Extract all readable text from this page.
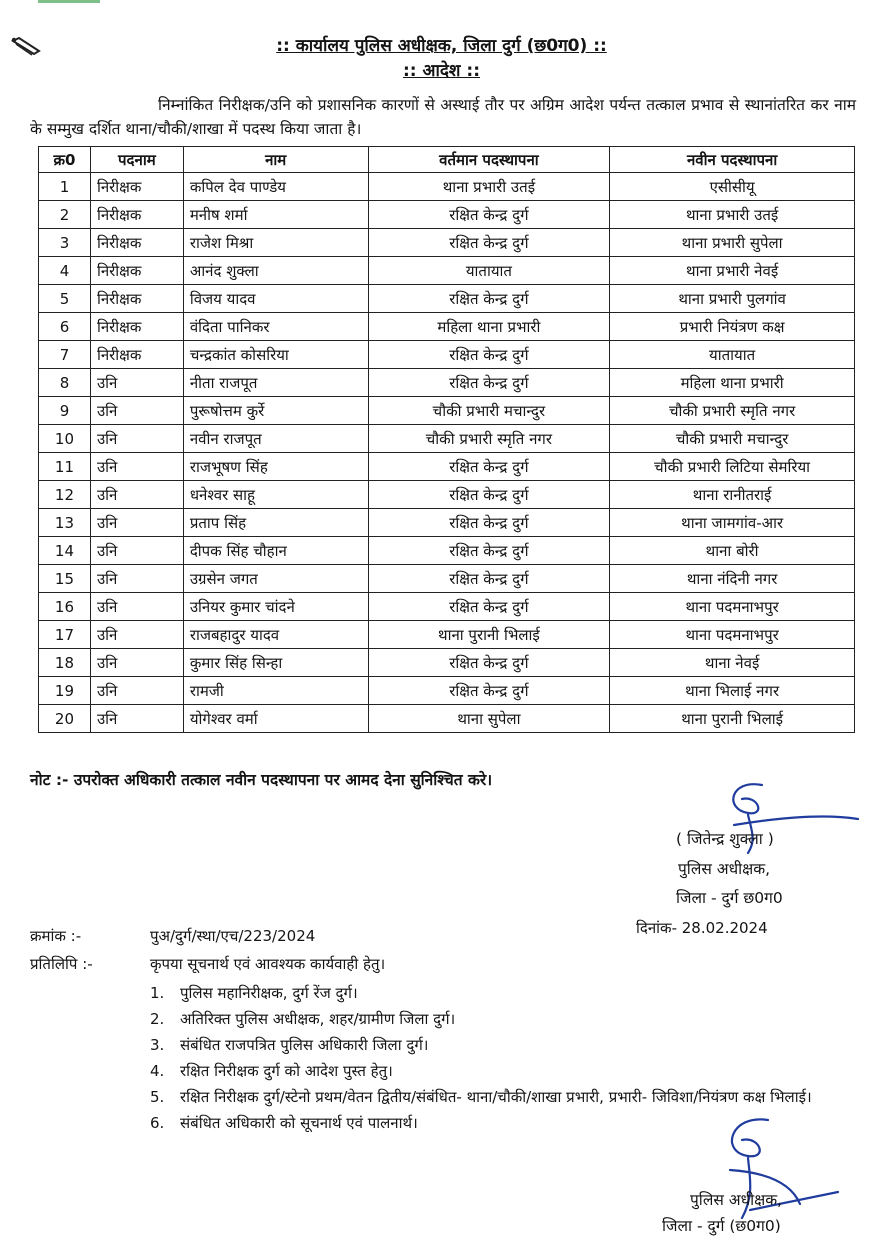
:: कार्यालय पुलिस अधीक्षक, जिला दुर्ग (छ0ग0) ::
:: आदेश ::
निम्नांकित निरीक्षक/उनि को प्रशासनिक कारणों से अस्थाई तौर पर अग्रिम आदेश पर्यन्त तत्काल प्रभाव से स्थानांतरित कर नाम के सम्मुख दर्शित थाना/चौकी/शाखा में पदस्थ किया जाता है।
क्र0	पदनाम	नाम	वर्तमान पदस्थापना	नवीन पदस्थापना
1	निरीक्षक	कपिल देव पाण्डेय	थाना प्रभारी उतई	एसीसीयू
2	निरीक्षक	मनीष शर्मा	रक्षित केन्द्र दुर्ग	थाना प्रभारी उतई
3	निरीक्षक	राजेश मिश्रा	रक्षित केन्द्र दुर्ग	थाना प्रभारी सुपेला
4	निरीक्षक	आनंद शुक्ला	यातायात	थाना प्रभारी नेवई
5	निरीक्षक	विजय यादव	रक्षित केन्द्र दुर्ग	थाना प्रभारी पुलगांव
6	निरीक्षक	वंदिता पानिकर	महिला थाना प्रभारी	प्रभारी नियंत्रण कक्ष
7	निरीक्षक	चन्द्रकांत कोसरिया	रक्षित केन्द्र दुर्ग	यातायात
8	उनि	नीता राजपूत	रक्षित केन्द्र दुर्ग	महिला थाना प्रभारी
9	उनि	पुरूषोत्तम कुर्रे	चौकी प्रभारी मचान्दुर	चौकी प्रभारी स्मृति नगर
10	उनि	नवीन राजपूत	चौकी प्रभारी स्मृति नगर	चौकी प्रभारी मचान्दुर
11	उनि	राजभूषण सिंह	रक्षित केन्द्र दुर्ग	चौकी प्रभारी लिटिया सेमरिया
12	उनि	धनेश्वर साहू	रक्षित केन्द्र दुर्ग	थाना रानीतराई
13	उनि	प्रताप सिंह	रक्षित केन्द्र दुर्ग	थाना जामगांव-आर
14	उनि	दीपक सिंह चौहान	रक्षित केन्द्र दुर्ग	थाना बोरी
15	उनि	उग्रसेन जगत	रक्षित केन्द्र दुर्ग	थाना नंदिनी नगर
16	उनि	उनियर कुमार चांदने	रक्षित केन्द्र दुर्ग	थाना पदमनाभपुर
17	उनि	राजबहादुर यादव	थाना पुरानी भिलाई	थाना पदमनाभपुर
18	उनि	कुमार सिंह सिन्हा	रक्षित केन्द्र दुर्ग	थाना नेवई
19	उनि	रामजी	रक्षित केन्द्र दुर्ग	थाना भिलाई नगर
20	उनि	योगेश्वर वर्मा	थाना सुपेला	थाना पुरानी भिलाई
नोट :- उपरोक्त अधिकारी तत्काल नवीन पदस्थापना पर आमद देना सुनिश्चित करे।
( जितेन्द्र शुक्ला )
पुलिस अधीक्षक,
जिला - दुर्ग छ0ग0
क्रमांक :-	पुअ/दुर्ग/स्था/एच/223/2024	दिनांक- 28.02.2024
प्रतिलिपि :-	कृपया सूचनार्थ एवं आवश्यक कार्यवाही हेतु।
1.	पुलिस महानिरीक्षक, दुर्ग रेंज दुर्ग।
2.	अतिरिक्त पुलिस अधीक्षक, शहर/ग्रामीण जिला दुर्ग।
3.	संबंधित राजपत्रित पुलिस अधिकारी जिला दुर्ग।
4.	रक्षित निरीक्षक दुर्ग को आदेश पुस्त हेतु।
5.	रक्षित निरीक्षक दुर्ग/स्टेनो प्रथम/वेतन द्वितीय/संबंधित- थाना/चौकी/शाखा प्रभारी, प्रभारी- जिविशा/नियंत्रण कक्ष भिलाई।
6.	संबंधित अधिकारी को सूचनार्थ एवं पालनार्थ।
पुलिस अधीक्षक,
जिला - दुर्ग (छ0ग0)
